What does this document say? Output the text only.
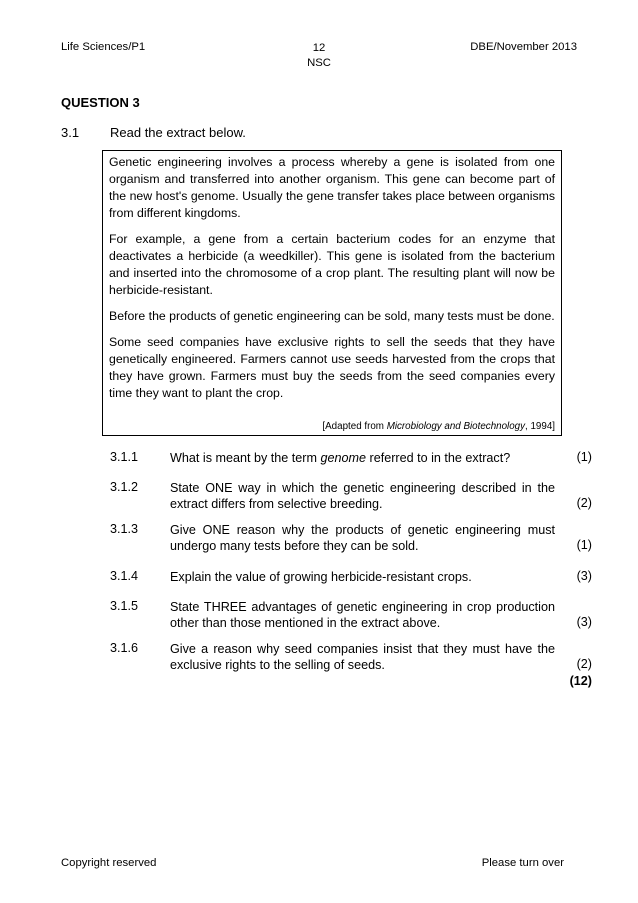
Life Sciences/P1	12
NSC
DBE/November 2013
QUESTION 3
3.1 Read the extract below.

Genetic engineering involves a process whereby a gene is isolated from one organism and transferred into another organism. This gene can become part of the new host's genome. Usually the gene transfer takes place between organisms from different kingdoms.

For example, a gene from a certain bacterium codes for an enzyme that deactivates a herbicide (a weedkiller). This gene is isolated from the bacterium and inserted into the chromosome of a crop plant. The resulting plant will now be herbicide-resistant.

Before the products of genetic engineering can be sold, many tests must be done.

Some seed companies have exclusive rights to sell the seeds that they have genetically engineered. Farmers cannot use seeds harvested from the crops that they have grown. Farmers must buy the seeds from the seed companies every time they want to plant the crop.

[Adapted from Microbiology and Biotechnology, 1994]
3.1.1	What is meant by the term genome referred to in the extract?	(1)
3.1.2	State ONE way in which the genetic engineering described in the extract differs from selective breeding.	(2)
3.1.3	Give ONE reason why the products of genetic engineering must undergo many tests before they can be sold.	(1)
3.1.4	Explain the value of growing herbicide-resistant crops.	(3)
3.1.5	State THREE advantages of genetic engineering in crop production other than those mentioned in the extract above.	(3)
3.1.6	Give a reason why seed companies insist that they must have the exclusive rights to the selling of seeds.	(2)
(12)
Copyright reserved	Please turn over
